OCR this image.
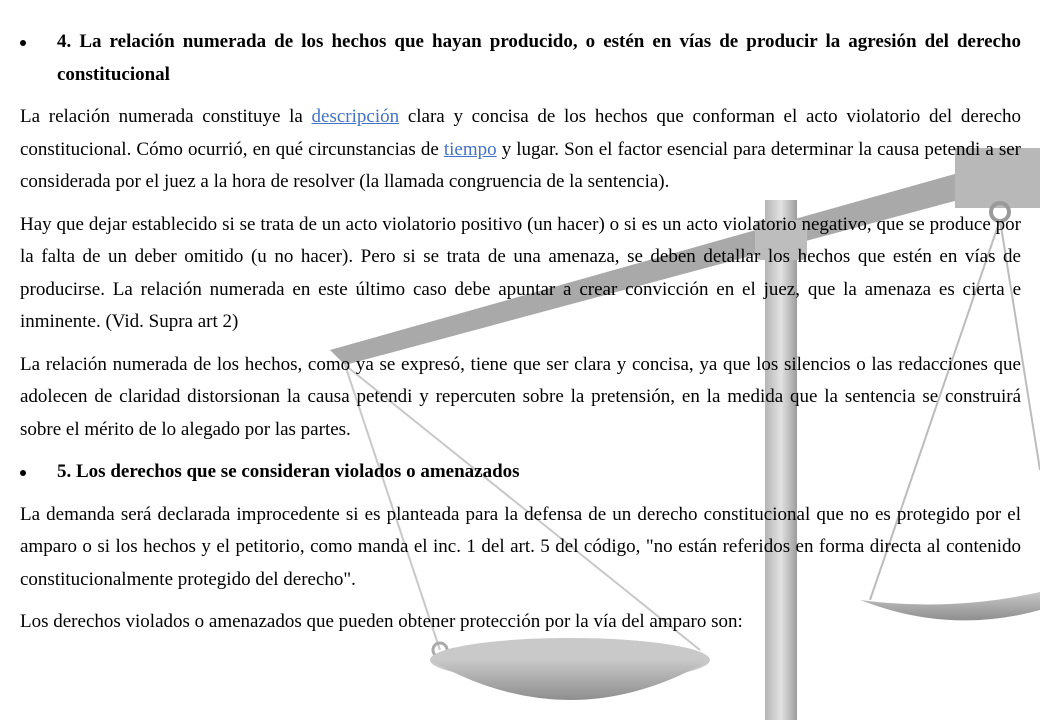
4. La relación numerada de los hechos que hayan producido, o estén en vías de producir la agresión del derecho constitucional

La relación numerada constituye la descripción clara y concisa de los hechos que conforman el acto violatorio del derecho constitucional. Cómo ocurrió, en qué circunstancias de tiempo y lugar. Son el factor esencial para determinar la causa petendi a ser considerada por el juez a la hora de resolver (la llamada congruencia de la sentencia).

Hay que dejar establecido si se trata de un acto violatorio positivo (un hacer) o si es un acto violatorio negativo, que se produce por la falta de un deber omitido (u no hacer). Pero si se trata de una amenaza, se deben detallar los hechos que estén en vías de producirse. La relación numerada en este último caso debe apuntar a crear convicción en el juez, que la amenaza es cierta e inminente. (Vid. Supra art 2)

La relación numerada de los hechos, como ya se expresó, tiene que ser clara y concisa, ya que los silencios o las redacciones que adolecen de claridad distorsionan la causa petendi y repercuten sobre la pretensión, en la medida que la sentencia se construirá sobre el mérito de lo alegado por las partes.

5. Los derechos que se consideran violados o amenazados

La demanda será declarada improcedente si es planteada para la defensa de un derecho constitucional que no es protegido por el amparo o si los hechos y el petitorio, como manda el inc. 1 del art. 5 del código, "no están referidos en forma directa al contenido constitucionalmente protegido del derecho".

Los derechos violados o amenazados que pueden obtener protección por la vía del amparo son:
